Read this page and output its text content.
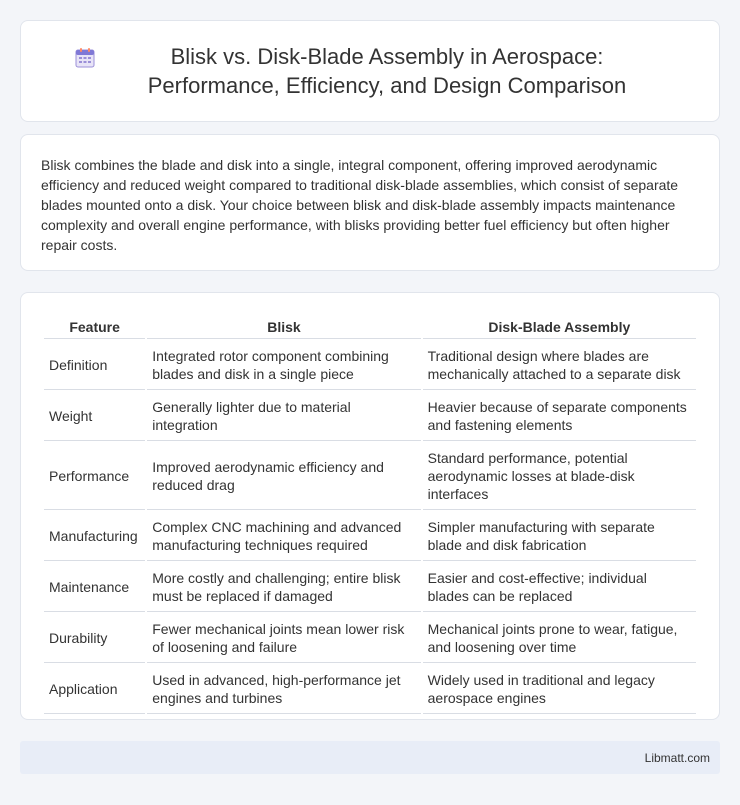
Blisk vs. Disk-Blade Assembly in Aerospace: Performance, Efficiency, and Design Comparison

Blisk combines the blade and disk into a single, integral component, offering improved aerodynamic efficiency and reduced weight compared to traditional disk-blade assemblies, which consist of separate blades mounted onto a disk. Your choice between blisk and disk-blade assembly impacts maintenance complexity and overall engine performance, with blisks providing better fuel efficiency but often higher repair costs.

Feature	Blisk	Disk-Blade Assembly
Definition	Integrated rotor component combining blades and disk in a single piece	Traditional design where blades are mechanically attached to a separate disk
Weight	Generally lighter due to material integration	Heavier because of separate components and fastening elements
Performance	Improved aerodynamic efficiency and reduced drag	Standard performance, potential aerodynamic losses at blade-disk interfaces
Manufacturing	Complex CNC machining and advanced manufacturing techniques required	Simpler manufacturing with separate blade and disk fabrication
Maintenance	More costly and challenging; entire blisk must be replaced if damaged	Easier and cost-effective; individual blades can be replaced
Durability	Fewer mechanical joints mean lower risk of loosening and failure	Mechanical joints prone to wear, fatigue, and loosening over time
Application	Used in advanced, high-performance jet engines and turbines	Widely used in traditional and legacy aerospace engines
Libmatt.com
